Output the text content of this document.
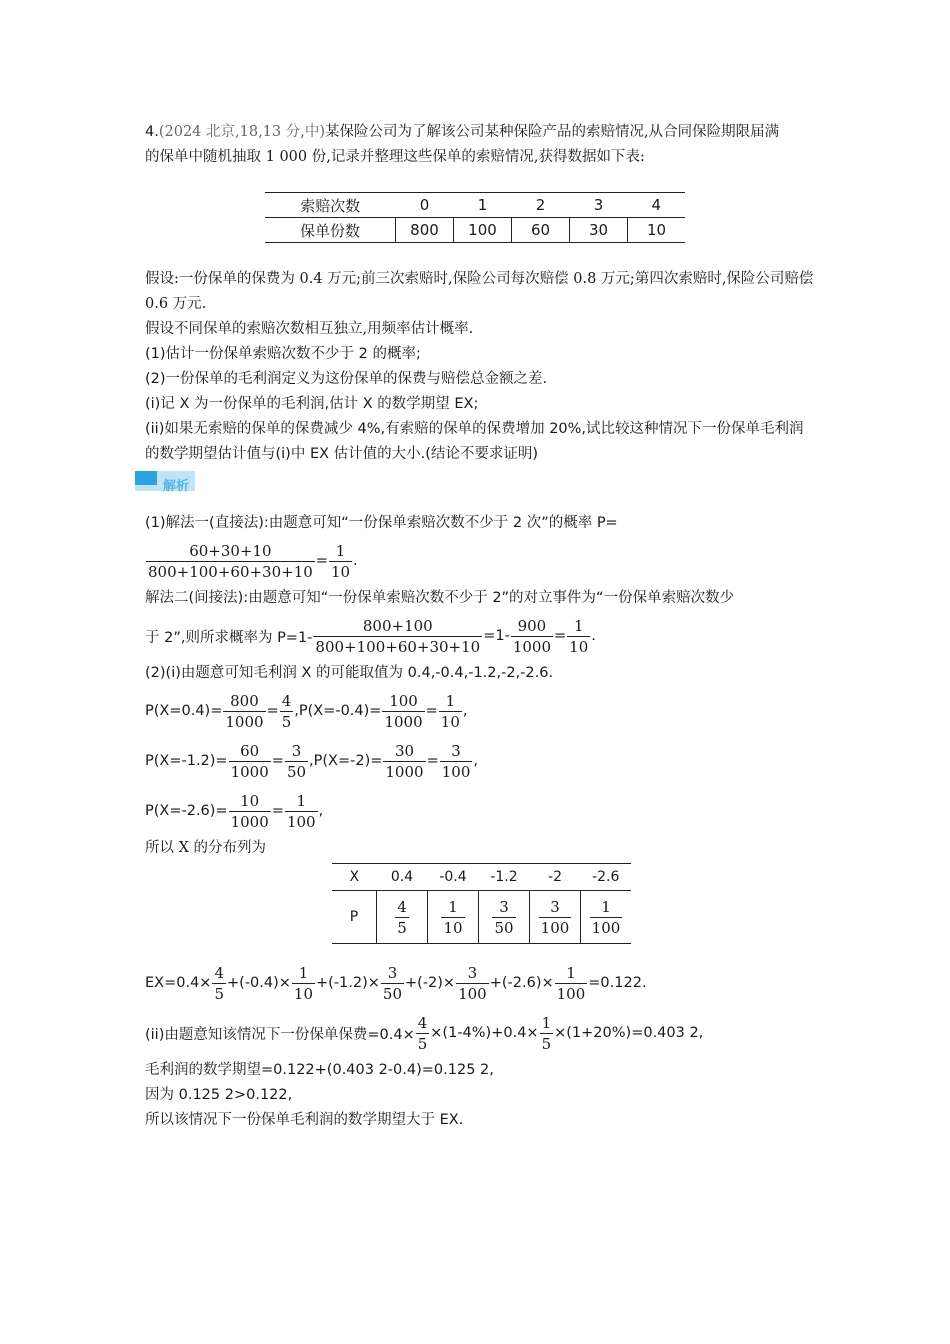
4.(2024 北京,18,13 分,中)某保险公司为了解该公司某种保险产品的索赔情况,从合同保险期限届满
的保单中随机抽取 1 000 份,记录并整理这些保单的索赔情况,获得数据如下表:
索赔次数	0	1	2	3	4
保单份数	800	100	60	30	10
假设:一份保单的保费为 0.4 万元;前三次索赔时,保险公司每次赔偿 0.8 万元;第四次索赔时,保险公司赔偿
0.6 万元.
假设不同保单的索赔次数相互独立,用频率估计概率.
(1)估计一份保单索赔次数不少于 2 的概率;
(2)一份保单的毛利润定义为这份保单的保费与赔偿总金额之差.
(i)记 X 为一份保单的毛利润,估计 X 的数学期望 EX;
(ii)如果无索赔的保单的保费减少 4%,有索赔的保单的保费增加 20%,试比较这种情况下一份保单毛利润
的数学期望估计值与(i)中 EX 估计值的大小.(结论不要求证明)
解析
(1)解法一(直接法):由题意可知“一份保单索赔次数不少于 2 次”的概率 P=
$\frac{60+30+10}{800+100+60+30+10} = \frac{1}{10}$ .
解法二(间接法):由题意可知“一份保单索赔次数不少于 2”的对立事件为“一份保单索赔次数少
于 2”,则所求概率为 $P=1- \frac{800+100}{800+100+60+30+10} =1- \frac{900}{1000} = \frac{1}{10}$ .
(2)(i)由题意可知毛利润 X 的可能取值为 0.4,-0.4,-1.2,-2,-2.6.
$P(X=0.4)= \frac{800}{1000} = \frac{4}{5} ,P(X=-0.4)= \frac{100}{1000} = \frac{1}{10}$ ,
$P(X=-1.2)= \frac{60}{1000} = \frac{3}{50} ,P(X=-2)= \frac{30}{1000} = \frac{3}{100}$ ,
$P(X=-2.6)= \frac{10}{1000} = \frac{1}{100}$ ,
所以 X 的分布列为
X	0.4	-0.4	-1.2	-2	-2.6
P	$\frac{4}{5}$	$\frac{1}{10}$	$\frac{3}{50}$	$\frac{3}{100}$	$\frac{1}{100}$
$EX=0.4\times \frac{4}{5} +(-0.4)\times \frac{1}{10} +(-1.2)\times \frac{3}{50} +(-2)\times \frac{3}{100} +(-2.6)\times \frac{1}{100} =0.122$.
(ii)由题意知该情况下一份保单保费$=0.4\times \frac{4}{5} \times(1-4\%)+0.4\times \frac{1}{5} \times(1+20\%)=0.403$ 2,
毛利润的数学期望=0.122+(0.403 2-0.4)=0.125 2,
因为 0.125 2>0.122,
所以该情况下一份保单毛利润的数学期望大于 EX.
